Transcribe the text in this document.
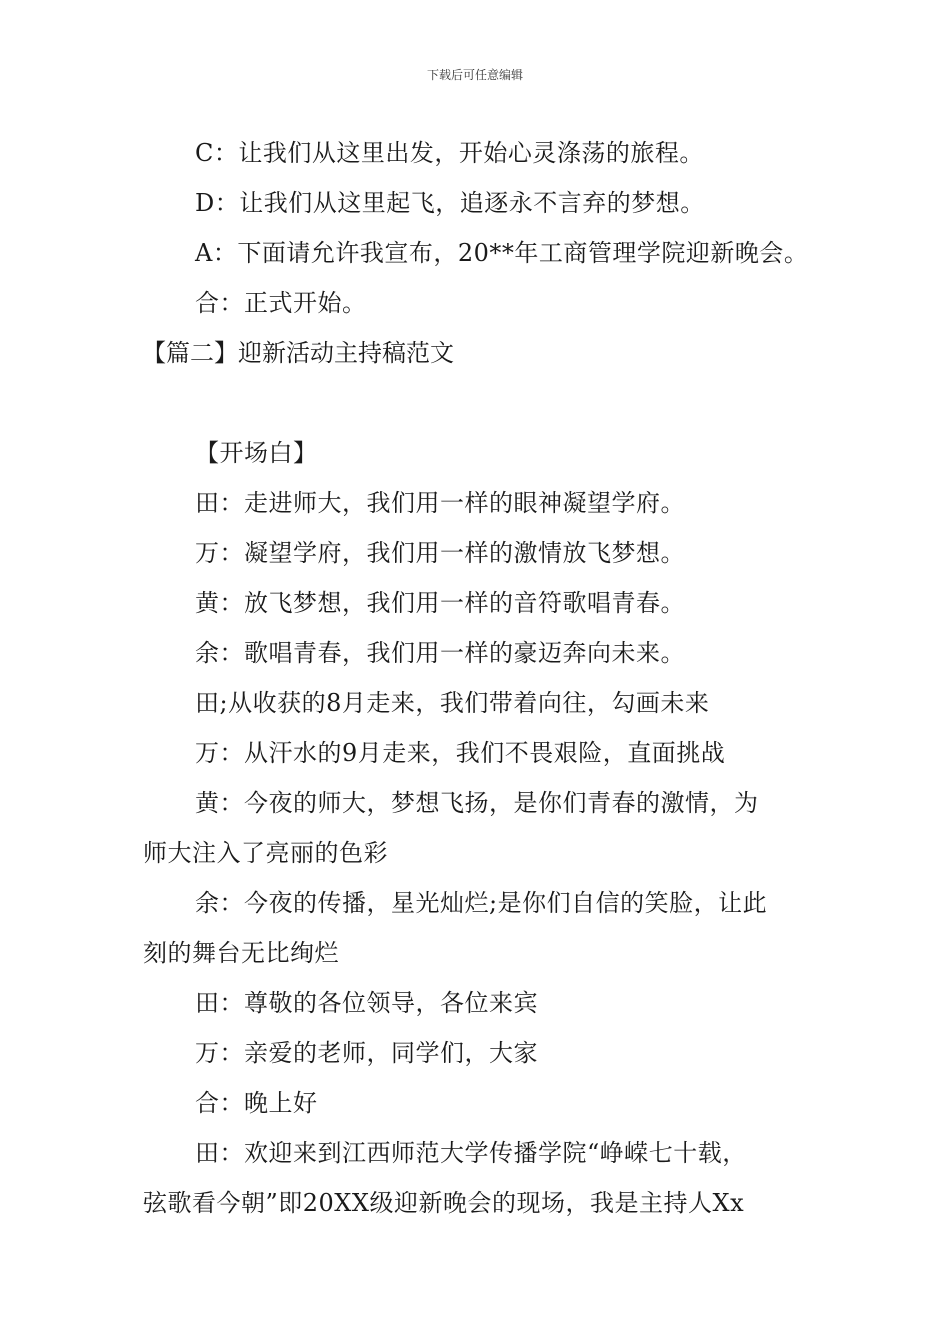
下载后可任意编辑
C：让我们从这里出发，开始心灵涤荡的旅程。
D：让我们从这里起飞，追逐永不言弃的梦想。
A：下面请允许我宣布，20**年工商管理学院迎新晚会。
合：正式开始。
【篇二】迎新活动主持稿范文
【开场白】
田：走进师大，我们用一样的眼神凝望学府。
万：凝望学府，我们用一样的激情放飞梦想。
黄：放飞梦想，我们用一样的音符歌唱青春。
余：歌唱青春，我们用一样的豪迈奔向未来。
田;从收获的8月走来，我们带着向往，勾画未来
万：从汗水的9月走来，我们不畏艰险，直面挑战
黄：今夜的师大，梦想飞扬，是你们青春的激情，为
师大注入了亮丽的色彩
余：今夜的传播，星光灿烂;是你们自信的笑脸，让此
刻的舞台无比绚烂
田：尊敬的各位领导，各位来宾
万：亲爱的老师，同学们，大家
合：晚上好
田：欢迎来到江西师范大学传播学院“峥嵘七十载，
弦歌看今朝”即20XX级迎新晚会的现场，我是主持人Xx
